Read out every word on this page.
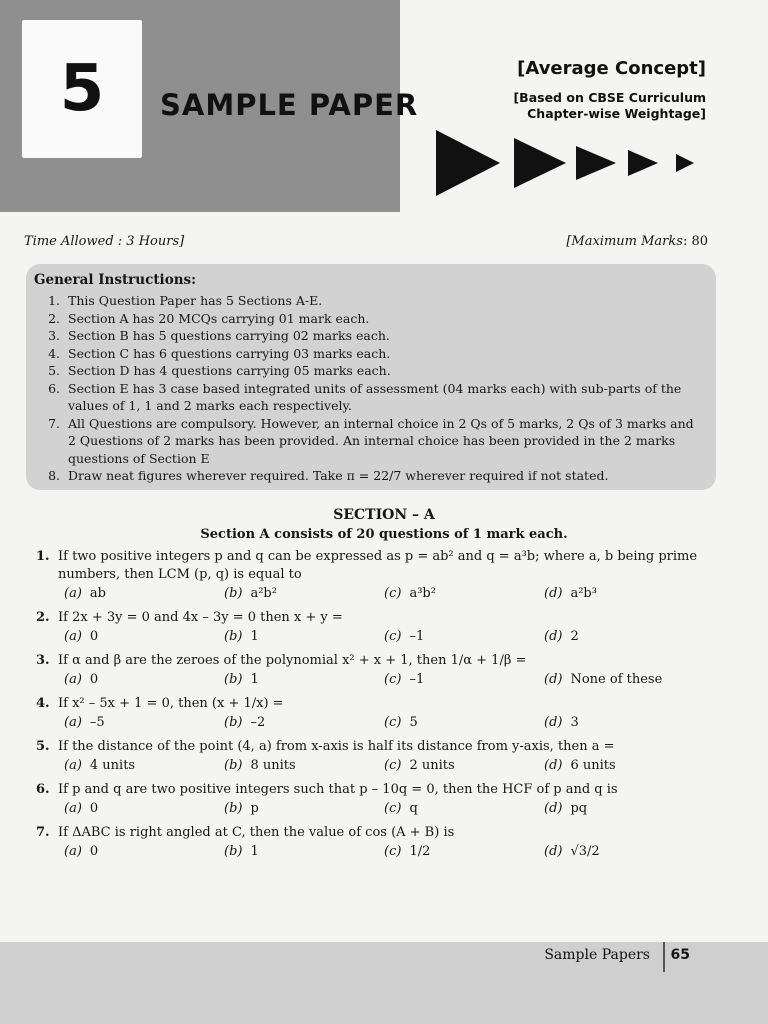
5 SAMPLE PAPER
[Average Concept]
[Based on CBSE Curriculum Chapter-wise Weightage]
Time Allowed : 3 Hours]	[Maximum Marks: 80
General Instructions:
1. This Question Paper has 5 Sections A-E.
2. Section A has 20 MCQs carrying 01 mark each.
3. Section B has 5 questions carrying 02 marks each.
4. Section C has 6 questions carrying 03 marks each.
5. Section D has 4 questions carrying 05 marks each.
6. Section E has 3 case based integrated units of assessment (04 marks each) with sub-parts of the values of 1, 1 and 2 marks each respectively.
7. All Questions are compulsory. However, an internal choice in 2 Qs of 5 marks, 2 Qs of 3 marks and 2 Questions of 2 marks has been provided. An internal choice has been provided in the 2 marks questions of Section E
8. Draw neat figures wherever required. Take π = 22/7 wherever required if not stated.
SECTION – A
Section A consists of 20 questions of 1 mark each.
1. If two positive integers p and q can be expressed as p = ab² and q = a³b; where a, b being prime numbers, then LCM (p, q) is equal to
(a) ab	(b) a²b²	(c) a³b²	(d) a²b³
2. If 2x + 3y = 0 and 4x – 3y = 0 then x + y =
(a) 0	(b) 1	(c) –1	(d) 2
3. If α and β are the zeroes of the polynomial x² + x + 1, then 1/α + 1/β =
(a) 0	(b) 1	(c) –1	(d) None of these
4. If x² – 5x + 1 = 0, then (x + 1/x) =
(a) –5	(b) –2	(c) 5	(d) 3
5. If the distance of the point (4, a) from x-axis is half its distance from y-axis, then a =
(a) 4 units	(b) 8 units	(c) 2 units	(d) 6 units
6. If p and q are two positive integers such that p – 10q = 0, then the HCF of p and q is
(a) 0	(b) p	(c) q	(d) pq
7. If ΔABC is right angled at C, then the value of cos (A + B) is
(a) 0	(b) 1	(c) 1/2	(d) √3/2
Sample Papers 65
